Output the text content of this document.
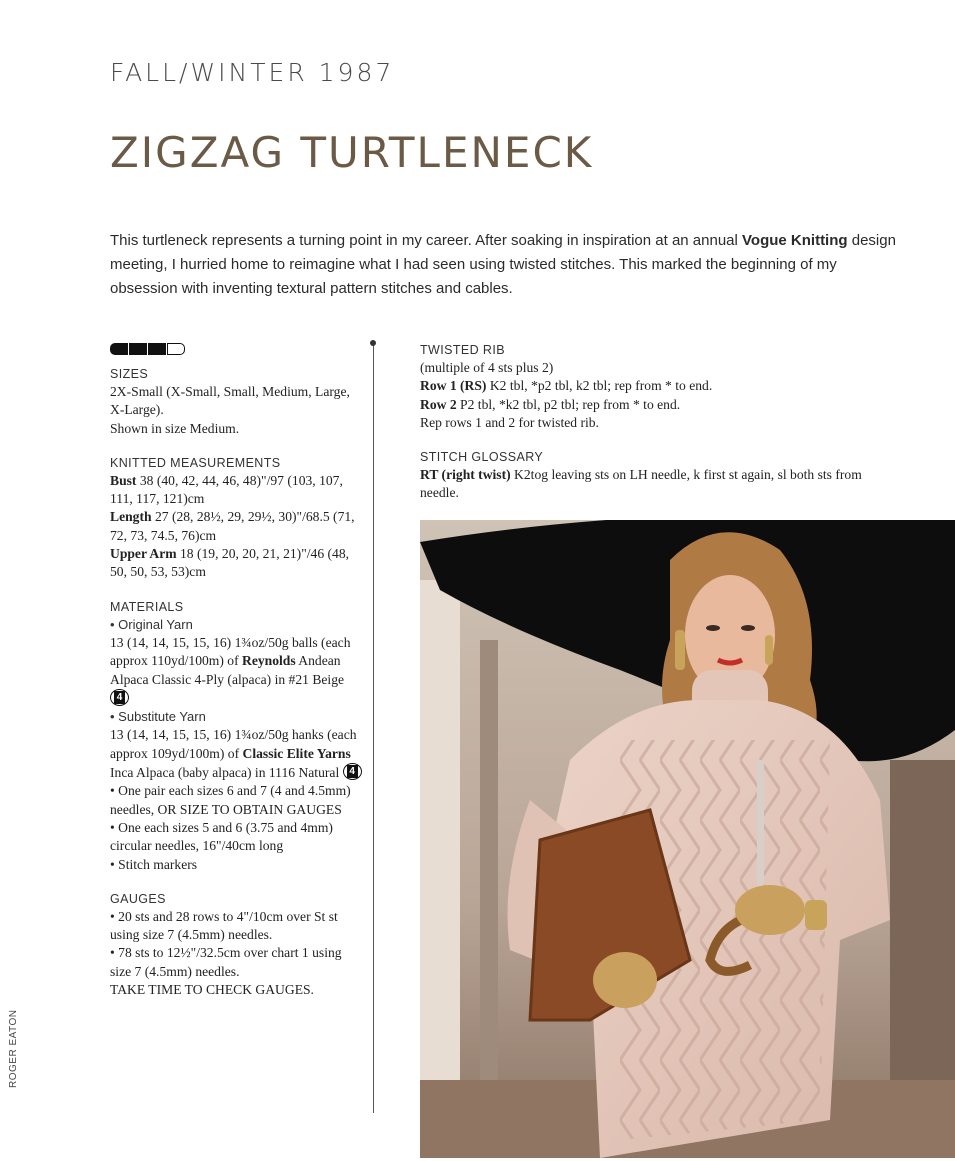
FALL/WINTER 1987
ZIGZAG TURTLENECK

This turtleneck represents a turning point in my career. After soaking in inspiration at an annual Vogue Knitting design meeting, I hurried home to reimagine what I had seen using twisted stitches. This marked the beginning of my obsession with inventing textural pattern stitches and cables.

SIZES
2X-Small (X-Small, Small, Medium, Large, X-Large).
Shown in size Medium.
KNITTED MEASUREMENTS
Bust 38 (40, 42, 44, 46, 48)"/97 (103, 107, 111, 117, 121)cm
Length 27 (28, 28½, 29, 29½, 30)"/68.5 (71, 72, 73, 74.5, 76)cm
Upper Arm 18 (19, 20, 20, 21, 21)"/46 (48, 50, 50, 53, 53)cm
MATERIALS
• Original Yarn
13 (14, 14, 15, 15, 16) 1¾oz/50g balls (each approx 110yd/100m) of Reynolds Andean Alpaca Classic 4-Ply (alpaca) in #21 Beige
4
• Substitute Yarn
13 (14, 14, 15, 15, 16) 1¾oz/50g hanks (each approx 109yd/100m) of Classic Elite Yarns Inca Alpaca (baby alpaca) in 1116 Natural 4
• One pair each sizes 6 and 7 (4 and 4.5mm) needles, OR SIZE TO OBTAIN GAUGES
• One each sizes 5 and 6 (3.75 and 4mm) circular needles, 16"/40cm long
• Stitch markers
GAUGES
• 20 sts and 28 rows to 4"/10cm over St st using size 7 (4.5mm) needles.
• 78 sts to 12½"/32.5cm over chart 1 using size 7 (4.5mm) needles.
TAKE TIME TO CHECK GAUGES.
TWISTED RIB
(multiple of 4 sts plus 2)
Row 1 (RS) K2 tbl, *p2 tbl, k2 tbl; rep from * to end.
Row 2 P2 tbl, *k2 tbl, p2 tbl; rep from * to end.
Rep rows 1 and 2 for twisted rib.
STITCH GLOSSARY
RT (right twist) K2tog leaving sts on LH needle, k first st again, sl both sts from needle.
ROGER EATON
